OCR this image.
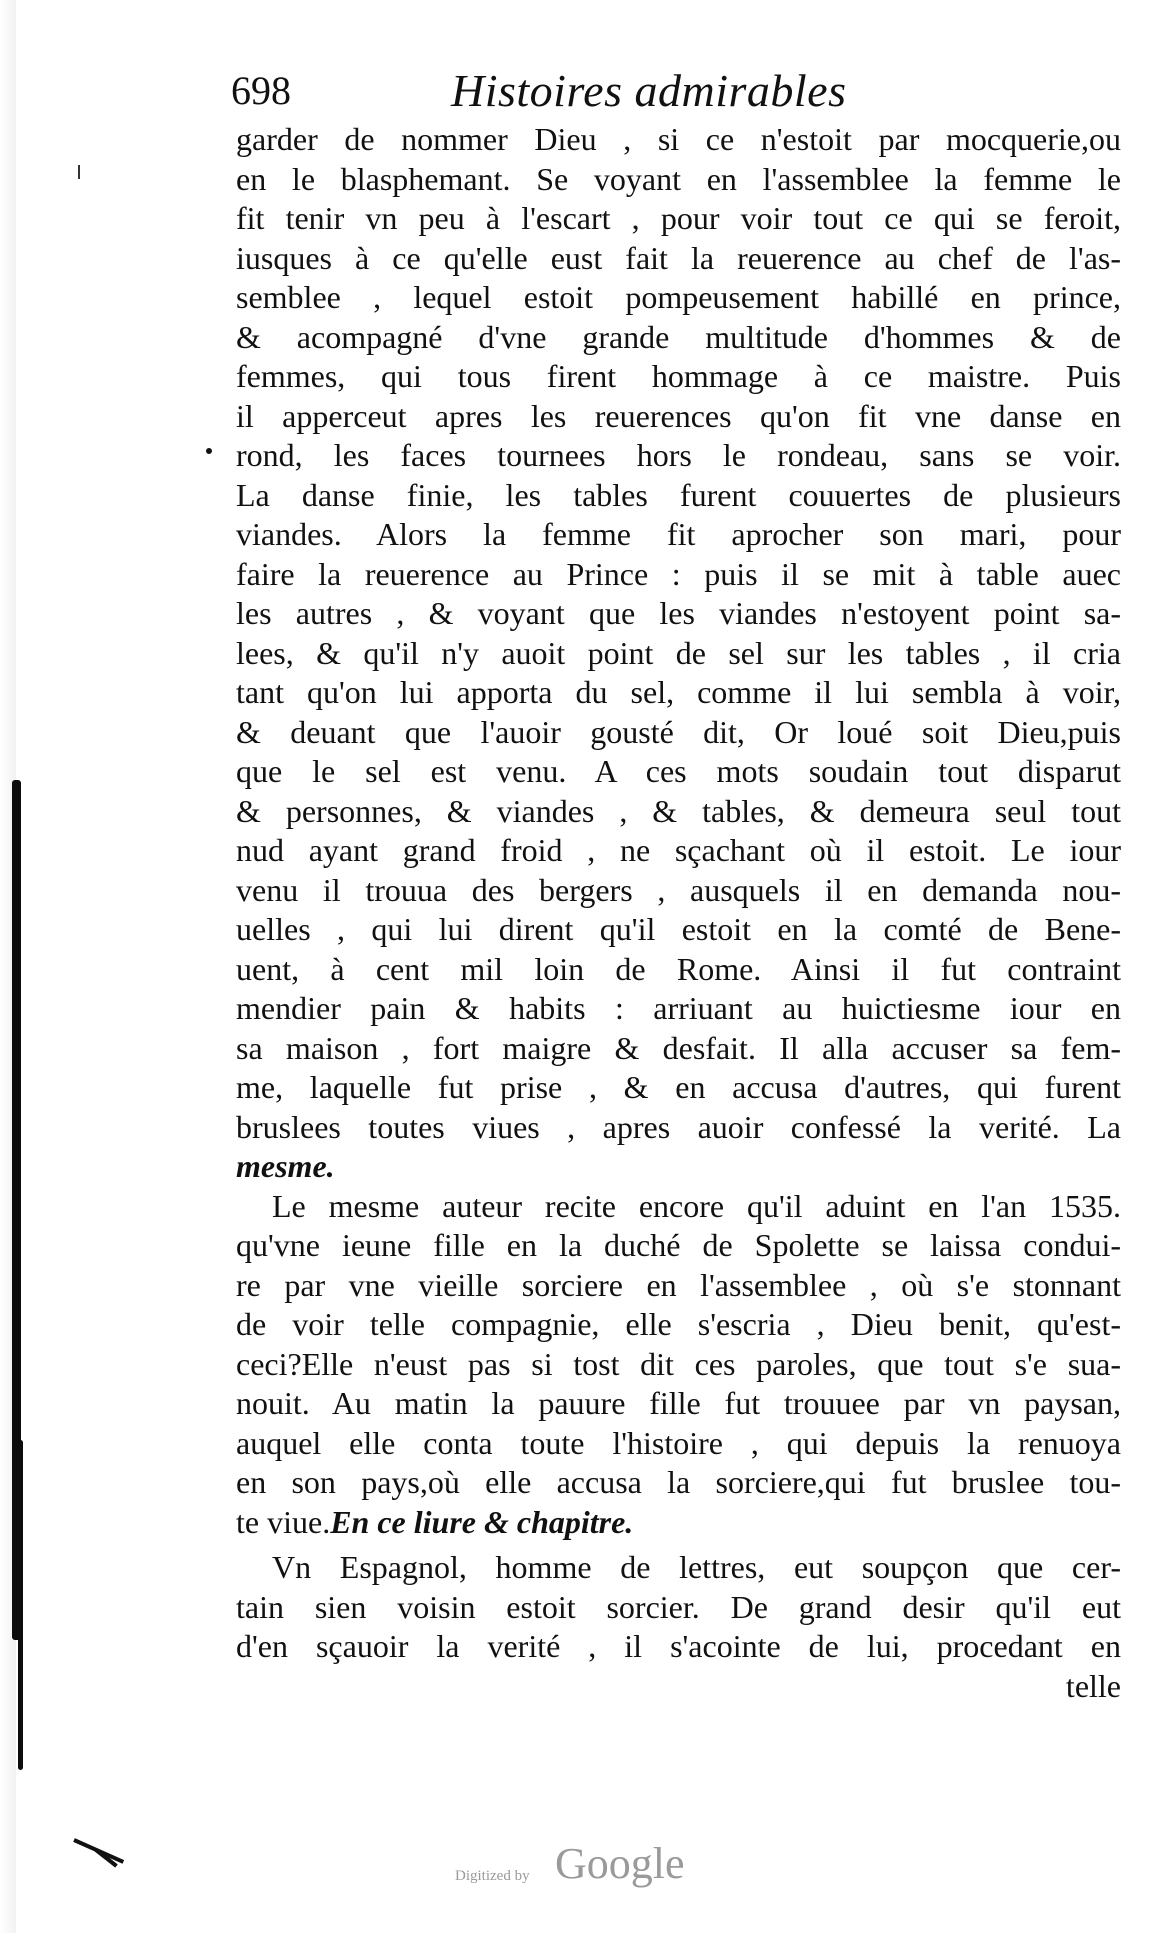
698	Histoires admirables
garder de nommer Dieu , si ce n'estoit par mocquerie,ou
en le blasphemant. Se voyant en l'assemblee la femme le
fit tenir vn peu à l'escart , pour voir tout ce qui se feroit,
iusques à ce qu'elle eust fait la reuerence au chef de l'as-
semblee , lequel estoit pompeusement habillé en prince,
& acompagné d'vne grande multitude d'hommes & de
femmes, qui tous firent hommage à ce maistre. Puis
il apperceut apres les reuerences qu'on fit vne danse en
rond, les faces tournees hors le rondeau, sans se voir.
La danse finie, les tables furent couuertes de plusieurs
viandes. Alors la femme fit aprocher son mari, pour
faire la reuerence au Prince : puis il se mit à table auec
les autres , & voyant que les viandes n'estoyent point sa-
lees, & qu'il n'y auoit point de sel sur les tables , il cria
tant qu'on lui apporta du sel, comme il lui sembla à voir,
& deuant que l'auoir gousté dit, Or loué soit Dieu,puis
que le sel est venu. A ces mots soudain tout disparut
& personnes, & viandes , & tables, & demeura seul tout
nud ayant grand froid , ne sçachant où il estoit. Le iour
venu il trouua des bergers , ausquels il en demanda nou-
uelles , qui lui dirent qu'il estoit en la comté de Bene-
uent, à cent mil loin de Rome. Ainsi il fut contraint
mendier pain & habits : arriuant au huictiesme iour en
sa maison , fort maigre & desfait. Il alla accuser sa fem-
me, laquelle fut prise , & en accusa d'autres, qui furent
bruslees toutes viues , apres auoir confessé la verité. La
mesme.
Le mesme auteur recite encore qu'il aduint en l'an 1535.
qu'vne ieune fille en la duché de Spolette se laissa condui-
re par vne vieille sorciere en l'assemblee , où s'e stonnant
de voir telle compagnie, elle s'escria , Dieu benit, qu'est-
ceci?Elle n'eust pas si tost dit ces paroles, que tout s'e sua-
nouit. Au matin la pauure fille fut trouuee par vn paysan,
auquel elle conta toute l'histoire , qui depuis la renuoya
en son pays,où elle accusa la sorciere,qui fut bruslee tou-
te viue.En ce liure & chapitre.
Vn Espagnol, homme de lettres, eut soupçon que cer-
tain sien voisin estoit sorcier. De grand desir qu'il eut
d'en sçauoir la verité , il s'acointe de lui, procedant en
telle
Digitized by Google
